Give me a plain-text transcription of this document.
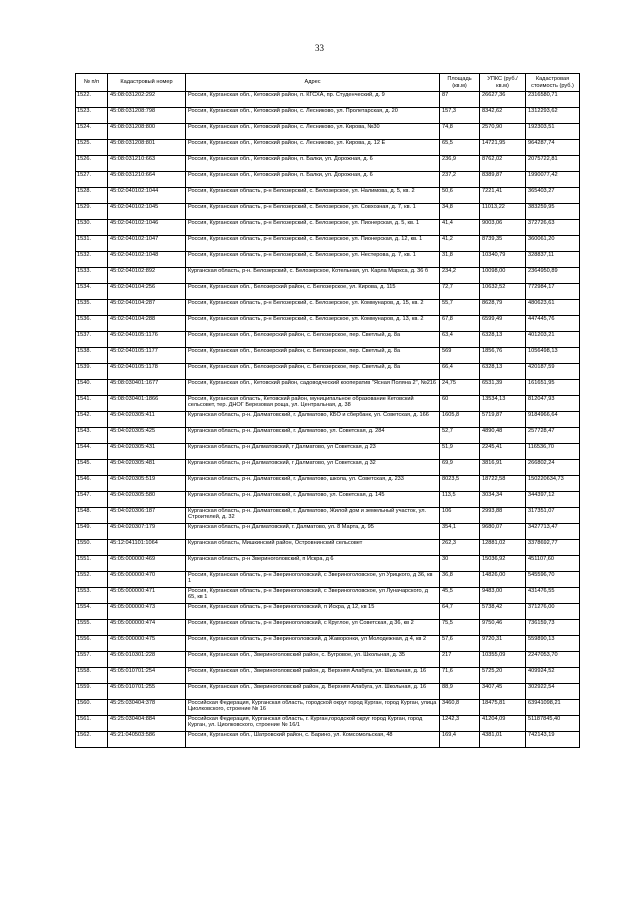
33
№ п/п	Кадастровый номер	Адрес	Площадь (кв.м)	УПКС (руб./кв.м)	Кадастровая стоимость (руб.)
1522.	45:08:031202:292	Россия, Курганская обл., Кетовский район, п. КГСХА, пр. Студенческий, д. 9	87	26627,36	2316580,71
1523.	45:08:031208:798	Россия, Курганская обл., Кетовский район, с. Лесниково, ул. Пролетарская, д. 20	157,3	8342,62	1312293,62
1524.	45:08:031208:800	Россия, Курганская обл., Кетовский район, с. Лесниково, ул. Кирова, №30	74,8	2570,90	192303,51
1525.	45:08:031208:801	Россия, Курганская обл., Кетовский район, с. Лесниково, ул. Кирова, д. 12 Е	65,5	14721,95	964287,74
1526.	45:08:031210:663	Россия, Курганская обл., Кетовский район, п. Балки, ул. Дорожная, д. 6	236,9	8762,02	2075722,81
1527.	45:08:031210:664	Россия, Курганская обл., Кетовский район, п. Балки, ул. Дорожная, д. 6	237,2	8389,87	1990077,42
1528.	45:02:040102:1044	Россия, Курганская область, р-н Белозерский, с. Белозерское, ул. Налимова, д. 5, кв. 2	50,6	7221,41	365403,27
1529.	45:02:040102:1045	Россия, Курганская область, р-н Белозерский, с. Белозерское, ул. Совхозная, д. 7, кв. 1	34,8	11013,22	383259,95
1530.	45:02:040102:1046	Россия, Курганская область, р-н Белозерский, с. Белозерское, ул. Пионерская, д. 5, кв. 1	41,4	9003,06	372726,63
1531.	45:02:040102:1047	Россия, Курганская область, р-н Белозерский, с. Белозерское, ул. Пионерская, д. 12, кв. 1	41,2	8739,35	360061,20
1532.	45:02:040102:1048	Россия, Курганская область, р-н Белозерский, с. Белозерское, ул. Нестерова, д. 7, кв. 1	31,8	10340,79	328837,11
1533.	45:02:040102:892	Курганская область, р-н. Белозерский, с. Белозерское, Котельная, ул. Карла Маркса, д. 36 б	234,2	10098,00	2364950,89
1534.	45:02:040104:256	Россия, Курганская обл., Белозерский район, с. Белозерское, ул. Кирова, д. 115	72,7	10632,52	772984,17
1535.	45:02:040104:287	Россия, Курганская область, р-н Белозерский, с. Белозерское, ул. Коммунаров, д. 15, кв. 2	55,7	8628,79	480623,61
1536.	45:02:040104:288	Россия, Курганская область, р-н Белозерский, с. Белозерское, ул. Коммунаров, д. 13, кв. 2	67,8	6599,49	447445,76
1537.	45:02:040105:1176	Россия, Курганская обл., Белозерский район, с. Белозерское, пер. Светлый, д. 8а	63,4	6328,13	401203,21
1538.	45:02:040105:1177	Россия, Курганская обл., Белозерский район, с. Белозерское, пер. Светлый, д. 8а	569	1856,76	1056498,13
1539.	45:02:040105:1178	Россия, Курганская обл., Белозерский район, с. Белозерское, пер. Светлый, д. 8а	66,4	6328,13	420187,59
1540.	45:08:030401:1677	Россия, Курганская обл., Кетовский район, садоводческий кооператив "Ясная Поляна 2", №216	24,75	6531,39	161651,95
1541.	45:08:030401:1866	Россия, Курганская область, Кетовский район, муниципальное образование Кетовский сельсовет, тер. ДНОГ Березовая роща, ул. Центральная, д. 38	60	13534,13	812047,93
1542.	45:04:020305:411	Курганская область, р-н. Далматовский, г. Далматово, КБО и сбербанк, ул. Советская, д. 166	1605,8	5719,87	9184966,64
1543.	45:04:020305:425	Курганская область, р-н. Далматовский, г. Далматово, ул. Советская, д. 284	52,7	4890,48	257728,47
1544.	45:04:020305:431	Курганская область, р-н Далматовский, г Далматово, ул Советская, д 23	51,9	2245,41	116536,70
1545.	45:04:020305:481	Курганская область, р-н Далматовский, г Далматово, ул Советская, д 32	69,9	3816,91	266802,24
1546.	45:04:020305:519	Курганская область, р-н. Далматовский, г. Далматово, школа, ул. Советская, д. 233	8023,5	18722,58	150220634,73
1547.	45:04:020305:580	Курганская область, р-н. Далматовский, г. Далматово, ул. Советская, д. 145	113,5	3034,34	344397,12
1548.	45:04:020306:187	Курганская область, р-н. Далматовский, г. Далматово, Жилой дом и земельный участок, ул. Строителей, д. 32	106	2993,88	317351,07
1549.	45:04:020307:179	Курганская область, р-н Далматовский, г. Далматово, ул. 8 Марта, д. 95	354,1	9680,07	3427713,47
1550.	45:12:041101:1064	Курганская область, Мишкинский район, Островнинский сельсовет	262,3	12881,02	3378692,77
1551.	45:05:000000:469	Курганская область, р-н Звериноголовский, п Искра, д 6	30	15036,92	451107,60
1552.	45:05:000000:470	Россия, Курганская область, р-н Звериноголовский, с Звериноголовское, ул Урицкого, д 36, кв 1	36,8	14826,00	545596,70
1553.	45:05:000000:471	Россия, Курганская область, р-н Звериноголовский, с Звериноголовское, ул Луначарского, д 65, кв 1	45,5	9483,00	431476,55
1554.	45:05:000000:473	Россия, Курганская область, р-н Звериноголовский, п Искра, д 12, кв 15	64,7	5738,42	371276,00
1555.	45:05:000000:474	Россия, Курганская область, р-н Звериноголовский, с Круглое, ул Советская, д 36, кв 2	75,5	9750,46	736159,73
1556.	45:05:000000:475	Россия, Курганская область, р-н Звериноголовский, д Жаворонки, ул Молодежная, д 4, кв 2	57,6	9720,31	559890,13
1557.	45:05:010301:228	Россия, Курганская обл., Звериноголовский район, с. Бугровое, ул. Школьная, д. 35	217	10355,09	2247053,70
1558.	45:05:010701:254	Россия, Курганская обл., Звериноголовский район, д. Верхняя Алабуга, ул. Школьная, д. 16	71,6	5725,20	409924,52
1559.	45:05:010701:255	Россия, Курганская обл., Звериноголовский район, д. Верхняя Алабуга, ул. Школьная, д. 16	88,9	3407,45	302922,54
1560.	45:25:030404:378	Российская Федерация, Курганская область, городской округ город Курган, город Курган, улица Циолковского, строение № 16	3460,8	18475,81	63941098,21
1561.	45:25:030404:884	Российская Федерация, Курганская область, г. Курган,городской округ город Курган, город Курган, ул. Циолковского, строение № 16/1	1242,3	41204,09	51187845,40
1562.	45:21:040503:586	Россия, Курганская обл., Шатровский район, с. Барино, ул. Комсомольская, 48	169,4	4381,01	742143,19
